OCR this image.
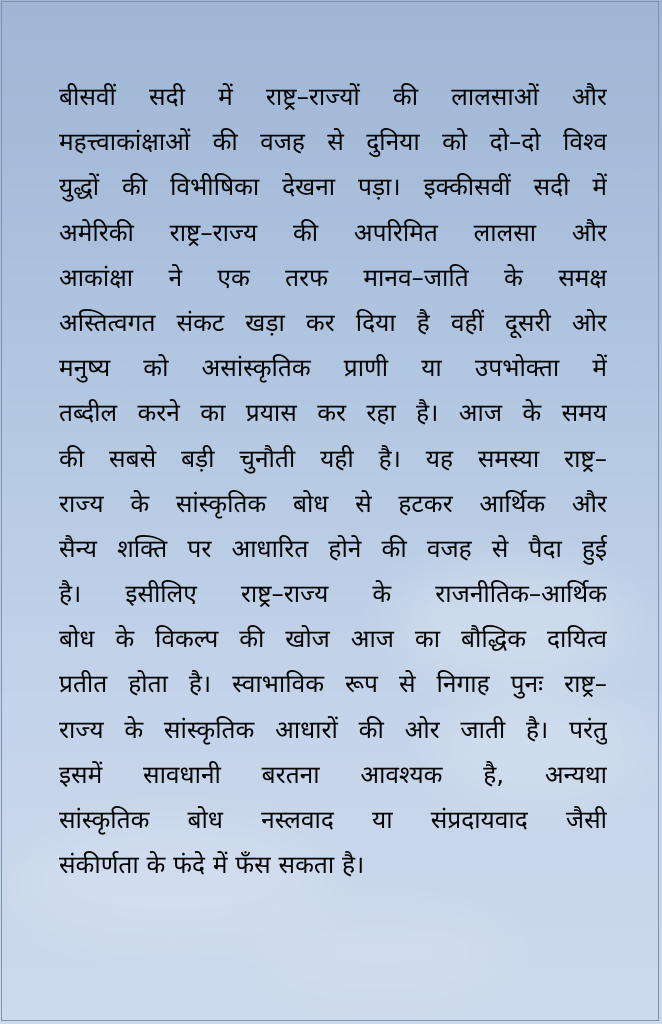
बीसवीं सदी में राष्ट्र–राज्यों की लालसाओं और
महत्त्वाकांक्षाओं की वजह से दुनिया को दो–दो विश्व
युद्धों की विभीषिका देखना पड़ा। इक्कीसवीं सदी में
अमेरिकी राष्ट्र–राज्य की अपरिमित लालसा और
आकांक्षा ने एक तरफ मानव–जाति के समक्ष
अस्तित्वगत संकट खड़ा कर दिया है वहीं दूसरी ओर
मनुष्य को असांस्कृतिक प्राणी या उपभोक्ता में
तब्दील करने का प्रयास कर रहा है। आज के समय
की सबसे बड़ी चुनौती यही है। यह समस्या राष्ट्र–
राज्य के सांस्कृतिक बोध से हटकर आर्थिक और
सैन्य शक्ति पर आधारित होने की वजह से पैदा हुई
है। इसीलिए राष्ट्र–राज्य के राजनीतिक–आर्थिक
बोध के विकल्प की खोज आज का बौद्धिक दायित्व
प्रतीत होता है। स्वाभाविक रूप से निगाह पुनः राष्ट्र–
राज्य के सांस्कृतिक आधारों की ओर जाती है। परंतु
इसमें सावधानी बरतना आवश्यक है, अन्यथा
सांस्कृतिक बोध नस्लवाद या संप्रदायवाद जैसी
संकीर्णता के फंदे में फँस सकता है।
